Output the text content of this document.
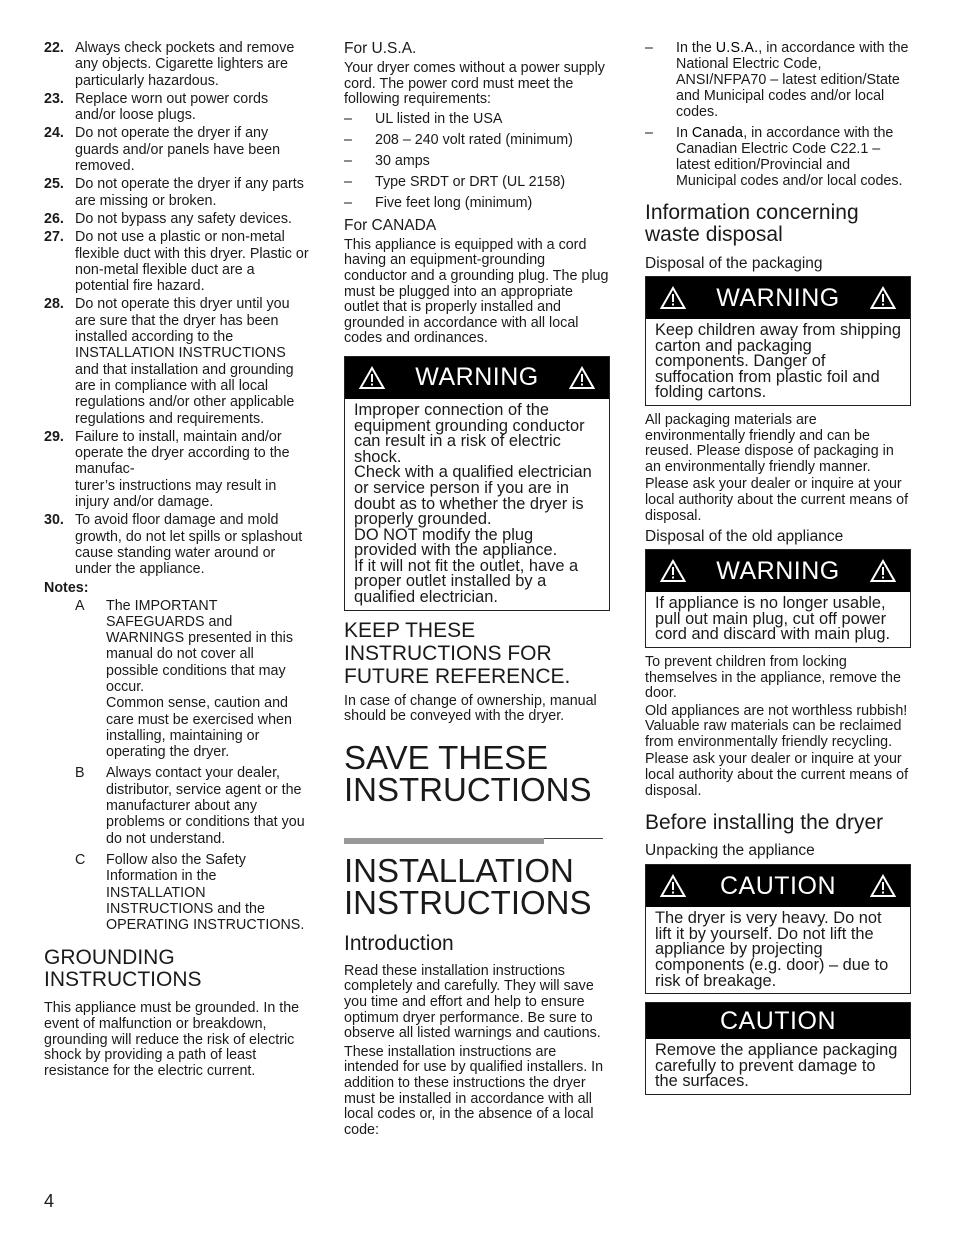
22. Always check pockets and remove any objects. Cigarette lighters are particularly hazardous.
23. Replace worn out power cords and/or loose plugs.
24. Do not operate the dryer if any guards and/or panels have been removed.
25. Do not operate the dryer if any parts are missing or broken.
26. Do not bypass any safety devices.
27. Do not use a plastic or non-metal flexible duct with this dryer. Plastic or non-metal flexible duct are a potential fire hazard.
28. Do not operate this dryer until you are sure that the dryer has been installed according to the INSTALLATION INSTRUCTIONS and that installation and grounding are in compliance with all local regulations and/or other applicable regulations and requirements.
29. Failure to install, maintain and/or operate the dryer according to the manufac-
turer’s instructions may result in injury and/or damage.
30. To avoid floor damage and mold growth, do not let spills or splashout cause standing water around or under the appliance.
Notes:
A	The IMPORTANT SAFEGUARDS and WARNINGS presented in this manual do not cover all possible conditions that may occur.
Common sense, caution and care must be exercised when installing, maintaining or operating the dryer.
B	Always contact your dealer, distributor, service agent or the manufacturer about any problems or conditions that you do not understand.
C	Follow also the Safety Information in the INSTALLATION INSTRUCTIONS and the OPERATING INSTRUCTIONS.
GROUNDING INSTRUCTIONS

This appliance must be grounded. In the event of malfunction or breakdown, grounding will reduce the risk of electric shock by providing a path of least resistance for the electric current.

For U.S.A.

Your dryer comes without a power supply cord. The power cord must meet the following requirements:

–	UL listed in the USA
–	208 – 240 volt rated (minimum)
–	30 amps
–	Type SRDT or DRT (UL 2158)
–	Five feet long (minimum)
For CANADA

This appliance is equipped with a cord having an equipment-grounding conductor and a grounding plug. The plug must be plugged into an appropriate outlet that is properly installed and grounded in accordance with all local codes and ordinances.

WARNING
Improper connection of the equipment grounding conductor can result in a risk of electric shock.
Check with a qualified electrician or service person if you are in doubt as to whether the dryer is properly grounded.
DO NOT modify the plug provided with the appliance.
If it will not fit the outlet, have a proper outlet installed by a qualified electrician.
KEEP THESE INSTRUCTIONS FOR FUTURE REFERENCE.

In case of change of ownership, manual should be conveyed with the dryer.

SAVE THESE INSTRUCTIONS
INSTALLATION INSTRUCTIONS
Introduction

Read these installation instructions completely and carefully. They will save you time and effort and help to ensure optimum dryer performance. Be sure to observe all listed warnings and cautions.

These installation instructions are intended for use by qualified installers. In addition to these instructions the dryer must be installed in accordance with all local codes or, in the absence of a local code:

–	In the U.S.A., in accordance with the National Electric Code, ANSI/NFPA70 – latest edition/State and Municipal codes and/or local codes.
–	In Canada, in accordance with the Canadian Electric Code C22.1 – latest edition/Provincial and Municipal codes and/or local codes.
Information concerning waste disposal
Disposal of the packaging
WARNING
Keep children away from shipping carton and packaging components. Danger of suffocation from plastic foil and folding cartons.

All packaging materials are environmentally friendly and can be reused. Please dispose of packaging in an environmentally friendly manner.

Please ask your dealer or inquire at your local authority about the current means of disposal.

Disposal of the old appliance
WARNING
If appliance is no longer usable, pull out main plug, cut off power cord and discard with main plug.

To prevent children from locking themselves in the appliance, remove the door.

Old appliances are not worthless rubbish! Valuable raw materials can be reclaimed from environmentally friendly recycling.

Please ask your dealer or inquire at your local authority about the current means of disposal.

Before installing the dryer
Unpacking the appliance
CAUTION
The dryer is very heavy. Do not lift it by yourself. Do not lift the appliance by projecting components (e.g. door) – due to risk of breakage.
CAUTION
Remove the appliance packaging carefully to prevent damage to the surfaces.
4
